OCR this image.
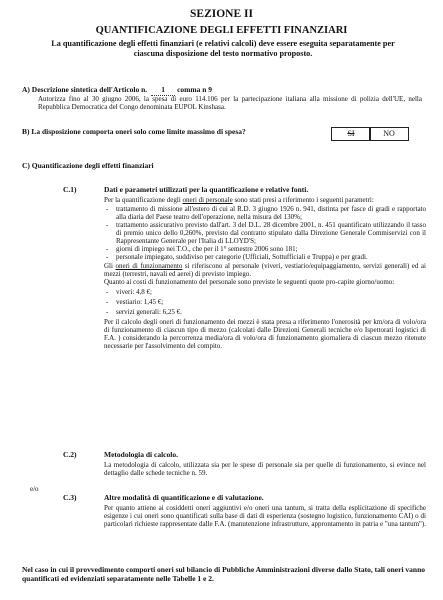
SEZIONE II
QUANTIFICAZIONE DEGLI EFFETTI FINANZIARI
La quantificazione degli effetti finanziari (e relativi calcoli) deve essere eseguita separatamente per ciascuna disposizione del testo normativo proposto.
A) Descrizione sintetica dell'Articolo n. 1 comma n 9
Autorizza fino al 30 giugno 2006, la spesa di euro 114.106 per la partecipazione italiana alla missione di polizia dell'UE, nella Repubblica Democratica del Congo denominata EUPOL Kinshasa.
B) La disposizione comporta oneri solo come limite massimo di spesa?	SI	NO
C) Quantificazione degli effetti finanziari
C.1)	Dati e parametri utilizzati per la quantificazione e relative fonti.
Per la quantificazione degli oneri di personale sono stati presi a riferimento i seguenti parametri:
- trattamento di missione all'estero di cui al R.D. 3 giugno 1926 n. 941, distinta per fasce di gradi e rapportato alla diaria del Paese teatro dell'operazione, nella misura del 130%;
- trattamento assicurativo previsto dall'art. 3 del D.L. 28 dicembre 2001, n. 451 quantificato utilizzando il tasso di premio unico dello 0,260%, previsto dal contratto stipulato dalla Direzione Generale Commiservizi con il Rappresentante Generale per l'Italia di LLOYD'S;
- giorni di impiego nei T.O., che per il 1° semestre 2006 sono 181;
- personale impiegato, suddiviso per categorie (Ufficiali, Sottufficiali e Truppa) e per gradi.
Gli oneri di funzionamento si riferiscono al personale (viveri, vestiario/equipaggiamento, servizi generali) ed ai mezzi (terrestri, navali ed aerei) di previsto impiego.
Quanto ai costi di funzionamento del personale sono previste le seguenti quote pro-capite giorno/uomo:
- viveri: 4,8 €;
- vestiario: 1,45 €;
- servizi generali: 6,25 €.
Per il calcolo degli oneri di funzionamento dei mezzi è stata presa a riferimento l'onerosità per km/ora di volo/ora di funzionamento di ciascun tipo di mezzo (calcolati dalle Direzioni Generali tecniche e/o Ispettorati logistici di F.A. ) considerando la percorrenza media/ora di volo/ora di funzionamento giornaliera di ciascun mezzo ritenute necessarie per l'assolvimento del compito.
C.2)	Metodologia di calcolo.
La metodologia di calcolo, utilizzata sia per le spese di personale sia per quelle di funzionamento, si evince nel dettaglio dalle schede tecniche n. 59.
e/o
C.3)	Altre modalità di quantificazione e di valutazione.
Per quanto attiene ai cosiddetti oneri aggiuntivi e/o oneri una tantum, si tratta della esplicitazione di specifiche esigenze i cui oneri sono quantificati sulla base di dati di esperienza (sostegno logistico, funzionamento CAI) o di particolari richieste rappresentate dalle F.A. (manutenzione infrastrutture, approntamento in patria e "una tantum").
Nel caso in cui il provvedimento comporti oneri sul bilancio di Pubbliche Amministrazioni diverse dallo Stato, tali oneri vanno quantificati ed evidenziati separatamente nelle Tabelle 1 e 2.
